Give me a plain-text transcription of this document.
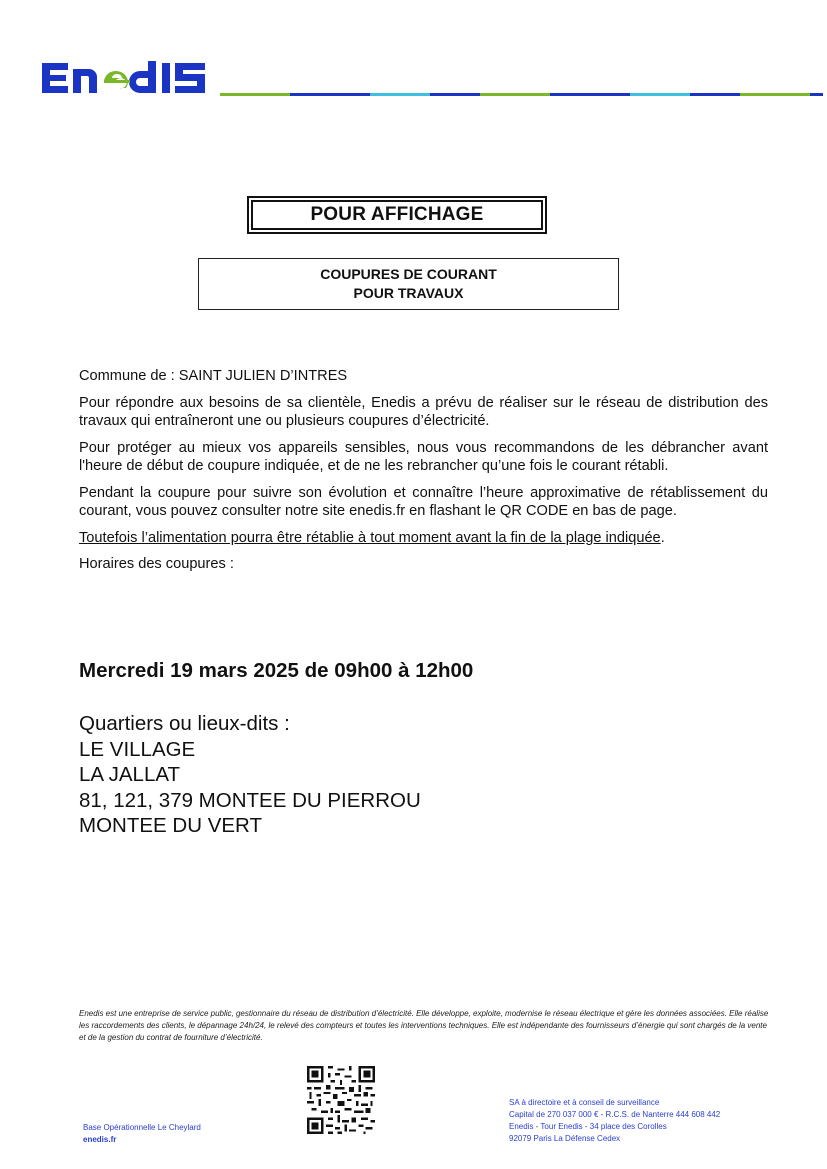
POUR AFFICHAGE
COUPURES DE COURANT
POUR TRAVAUX

Commune de : SAINT JULIEN D’INTRES

Pour répondre aux besoins de sa clientèle, Enedis a prévu de réaliser sur le réseau de distribution des travaux qui entraîneront une ou plusieurs coupures d’électricité.

Pour protéger au mieux vos appareils sensibles, nous vous recommandons de les débrancher avant l'heure de début de coupure indiquée, et de ne les rebrancher qu’une fois le courant rétabli.

Pendant la coupure pour suivre son évolution et connaître l’heure approximative de rétablissement du courant, vous pouvez consulter notre site enedis.fr en flashant le QR CODE en bas de page.

Toutefois l’alimentation pourra être rétablie à tout moment avant la fin de la plage indiquée.

Horaires des coupures :

Mercredi 19 mars 2025 de 09h00 à 12h00
Quartiers ou lieux-dits :
LE VILLAGE
LA JALLAT
81, 121, 379 MONTEE DU PIERROU
MONTEE DU VERT
Enedis est une entreprise de service public, gestionnaire du réseau de distribution d’électricité. Elle développe, exploite, modernise le réseau électrique et gère les données associées. Elle réalise les raccordements des clients, le dépannage 24h/24, le relevé des compteurs et toutes les interventions techniques. Elle est indépendante des fournisseurs d’énergie qui sont chargés de la vente et de la gestion du contrat de fourniture d’électricité.
Base Opérationnelle Le Cheylard
enedis.fr
SA à directoire et à conseil de surveillance
Capital de 270 037 000 € - R.C.S. de Nanterre 444 608 442
Enedis - Tour Enedis - 34 place des Corolles
92079 Paris La Défense Cedex
